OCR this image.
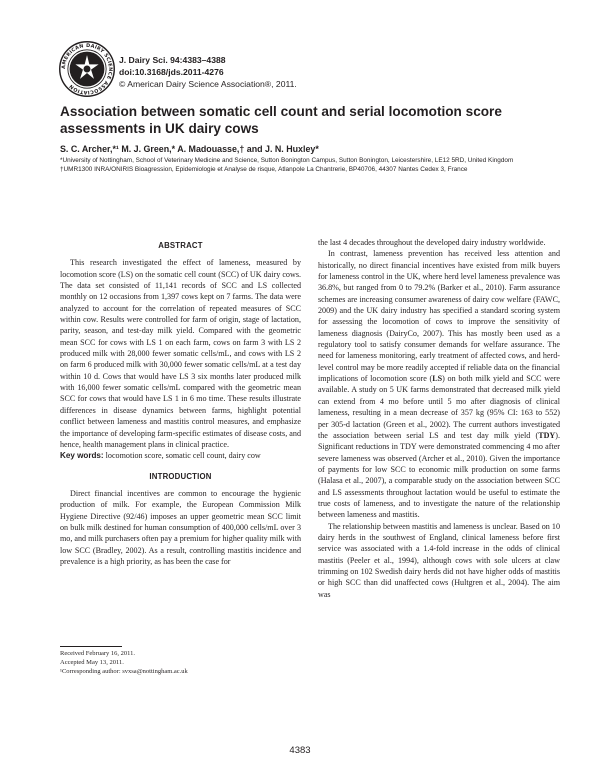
AMERICAN DAIRY SCIENCE ASSOCIATION
J. Dairy Sci. 94:4383–4388
doi:10.3168/jds.2011-4276
© American Dairy Science Association®, 2011.
Association between somatic cell count and serial locomotion score assessments in UK dairy cows
S. C. Archer,*¹ M. J. Green,* A. Madouasse,† and J. N. Huxley*

*University of Nottingham, School of Veterinary Medicine and Science, Sutton Bonington Campus, Sutton Bonington, Leicestershire, LE12 5RD, United Kingdom

†UMR1300 INRA/ONIRIS Bioagression, Epidemiologie et Analyse de risque, Atlanpole La Chantrerie, BP40706, 44307 Nantes Cedex 3, France

ABSTRACT

This research investigated the effect of lameness, measured by locomotion score (LS) on the somatic cell count (SCC) of UK dairy cows. The data set consisted of 11,141 records of SCC and LS collected monthly on 12 occasions from 1,397 cows kept on 7 farms. The data were analyzed to account for the correlation of repeated measures of SCC within cow. Results were controlled for farm of origin, stage of lactation, parity, season, and test-day milk yield. Compared with the geometric mean SCC for cows with LS 1 on each farm, cows on farm 3 with LS 2 produced milk with 28,000 fewer somatic cells/mL, and cows with LS 2 on farm 6 produced milk with 30,000 fewer somatic cells/mL at a test day within 10 d. Cows that would have LS 3 six months later produced milk with 16,000 fewer somatic cells/mL compared with the geometric mean SCC for cows that would have LS 1 in 6 mo time. These results illustrate differences in disease dynamics between farms, highlight potential conflict between lameness and mastitis control measures, and emphasize the importance of developing farm-specific estimates of disease costs, and hence, health management plans in clinical practice.

Key words: locomotion score, somatic cell count, dairy cow

INTRODUCTION

Direct financial incentives are common to encourage the hygienic production of milk. For example, the European Commission Milk Hygiene Directive (92/46) imposes an upper geometric mean SCC limit on bulk milk destined for human consumption of 400,000 cells/mL over 3 mo, and milk purchasers often pay a premium for higher quality milk with low SCC (Bradley, 2002). As a result, controlling mastitis incidence and prevalence is a high priority, as has been the case for

the last 4 decades throughout the developed dairy industry worldwide.

In contrast, lameness prevention has received less attention and historically, no direct financial incentives have existed from milk buyers for lameness control in the UK, where herd level lameness prevalence was 36.8%, but ranged from 0 to 79.2% (Barker et al., 2010). Farm assurance schemes are increasing consumer awareness of dairy cow welfare (FAWC, 2009) and the UK dairy industry has specified a standard scoring system for assessing the locomotion of cows to improve the sensitivity of lameness diagnosis (DairyCo, 2007). This has mostly been used as a regulatory tool to satisfy consumer demands for welfare assurance. The need for lameness monitoring, early treatment of affected cows, and herd-level control may be more readily accepted if reliable data on the financial implications of locomotion score (LS) on both milk yield and SCC were available. A study on 5 UK farms demonstrated that decreased milk yield can extend from 4 mo before until 5 mo after diagnosis of clinical lameness, resulting in a mean decrease of 357 kg (95% CI: 163 to 552) per 305-d lactation (Green et al., 2002). The current authors investigated the association between serial LS and test day milk yield (TDY). Significant reductions in TDY were demonstrated commencing 4 mo after severe lameness was observed (Archer et al., 2010). Given the importance of payments for low SCC to economic milk production on some farms (Halasa et al., 2007), a comparable study on the association between SCC and LS assessments throughout lactation would be useful to estimate the true costs of lameness, and to investigate the nature of the relationship between lameness and mastitis.

The relationship between mastitis and lameness is unclear. Based on 10 dairy herds in the southwest of England, clinical lameness before first service was associated with a 1.4-fold increase in the odds of clinical mastitis (Peeler et al., 1994), although cows with sole ulcers at claw trimming on 102 Swedish dairy herds did not have higher odds of mastitis or high SCC than did unaffected cows (Hultgren et al., 2004). The aim was

Received February 16, 2011.

Accepted May 13, 2011.

¹Corresponding author: svxsa@nottingham.ac.uk

4383
